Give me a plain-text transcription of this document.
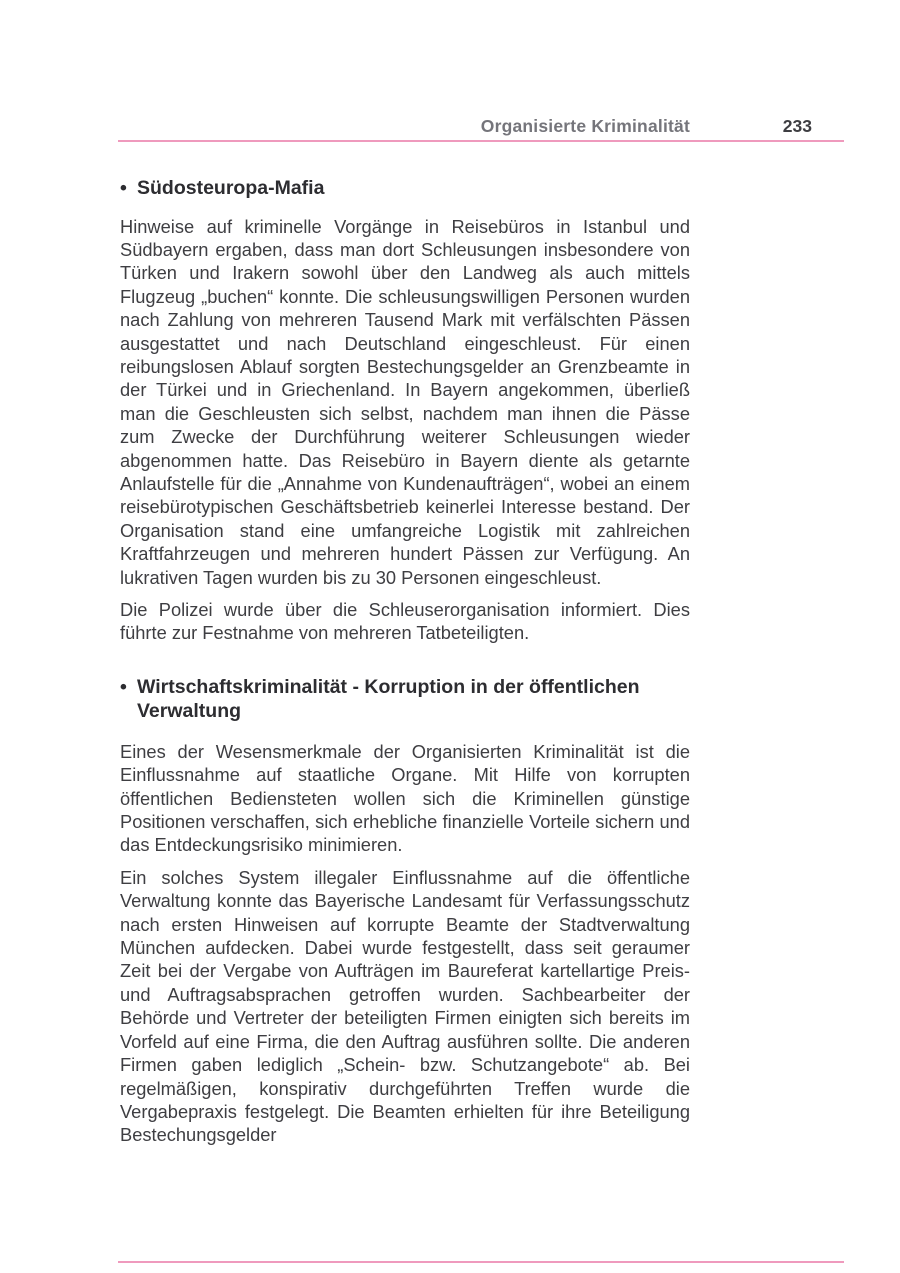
Organisierte Kriminalität	233
• Südosteuropa-Mafia

Hinweise auf kriminelle Vorgänge in Reisebüros in Istanbul und Südbayern ergaben, dass man dort Schleusungen insbesondere von Türken und Irakern sowohl über den Landweg als auch mittels Flugzeug „buchen“ konnte. Die schleusungswilligen Personen wurden nach Zahlung von mehreren Tausend Mark mit verfälschten Pässen ausgestattet und nach Deutschland eingeschleust. Für einen reibungslosen Ablauf sorgten Bestechungsgelder an Grenzbeamte in der Türkei und in Griechenland. In Bayern angekommen, überließ man die Geschleusten sich selbst, nachdem man ihnen die Pässe zum Zwecke der Durchführung weiterer Schleusungen wieder abgenommen hatte. Das Reisebüro in Bayern diente als getarnte Anlaufstelle für die „Annahme von Kundenaufträgen“, wobei an einem reisebürotypischen Geschäftsbetrieb keinerlei Interesse bestand. Der Organisation stand eine umfangreiche Logistik mit zahlreichen Kraftfahrzeugen und mehreren hundert Pässen zur Verfügung. An lukrativen Tagen wurden bis zu 30 Personen eingeschleust.

Die Polizei wurde über die Schleuserorganisation informiert. Dies führte zur Festnahme von mehreren Tatbeteiligten.

• Wirtschaftskriminalität - Korruption in der öffentlichen Verwaltung

Eines der Wesensmerkmale der Organisierten Kriminalität ist die Einflussnahme auf staatliche Organe. Mit Hilfe von korrupten öffentlichen Bediensteten wollen sich die Kriminellen günstige Positionen verschaffen, sich erhebliche finanzielle Vorteile sichern und das Entdeckungsrisiko minimieren.

Ein solches System illegaler Einflussnahme auf die öffentliche Verwaltung konnte das Bayerische Landesamt für Verfassungsschutz nach ersten Hinweisen auf korrupte Beamte der Stadtverwaltung München aufdecken. Dabei wurde festgestellt, dass seit geraumer Zeit bei der Vergabe von Aufträgen im Baureferat kartellartige Preis- und Auftragsabsprachen getroffen wurden. Sachbearbeiter der Behörde und Vertreter der beteiligten Firmen einigten sich bereits im Vorfeld auf eine Firma, die den Auftrag ausführen sollte. Die anderen Firmen gaben lediglich „Schein- bzw. Schutzangebote“ ab. Bei regelmäßigen, konspirativ durchgeführten Treffen wurde die Vergabepraxis festgelegt. Die Beamten erhielten für ihre Beteiligung Bestechungsgelder
